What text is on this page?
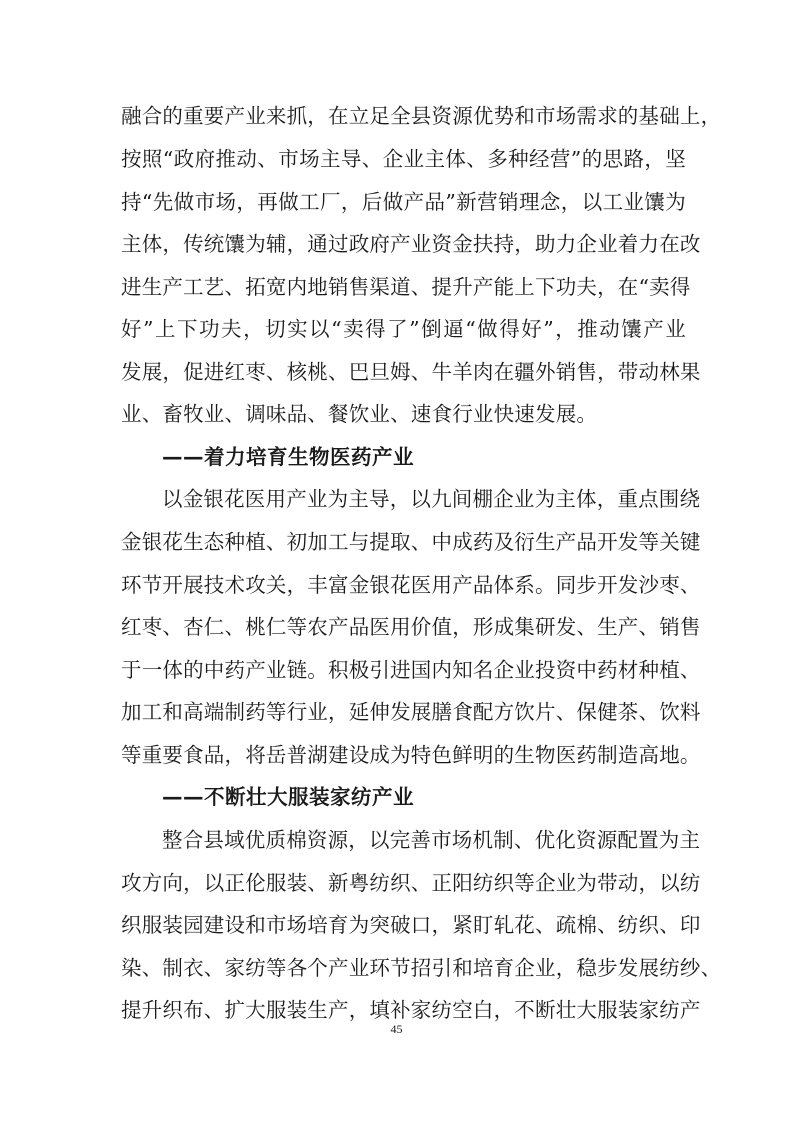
融合的重要产业来抓，在立足全县资源优势和市场需求的基础上，
按照“政府推动、市场主导、企业主体、多种经营”的思路，坚
持“先做市场，再做工厂，后做产品”新营销理念，以工业馕为
主体，传统馕为辅，通过政府产业资金扶持，助力企业着力在改
进生产工艺、拓宽内地销售渠道、提升产能上下功夫，在“卖得
好”上下功夫，切实以“卖得了”倒逼“做得好”，推动馕产业
发展，促进红枣、核桃、巴旦姆、牛羊肉在疆外销售，带动林果
业、畜牧业、调味品、餐饮业、速食行业快速发展。
——着力培育生物医药产业
以金银花医用产业为主导，以九间棚企业为主体，重点围绕
金银花生态种植、初加工与提取、中成药及衍生产品开发等关键
环节开展技术攻关，丰富金银花医用产品体系。同步开发沙枣、
红枣、杏仁、桃仁等农产品医用价值，形成集研发、生产、销售
于一体的中药产业链。积极引进国内知名企业投资中药材种植、
加工和高端制药等行业，延伸发展膳食配方饮片、保健茶、饮料
等重要食品，将岳普湖建设成为特色鲜明的生物医药制造高地。
——不断壮大服装家纺产业
整合县域优质棉资源，以完善市场机制、优化资源配置为主
攻方向，以正伦服装、新粤纺织、正阳纺织等企业为带动，以纺
织服装园建设和市场培育为突破口，紧盯轧花、疏棉、纺织、印
染、制衣、家纺等各个产业环节招引和培育企业，稳步发展纺纱、
提升织布、扩大服装生产，填补家纺空白，不断壮大服装家纺产
45
